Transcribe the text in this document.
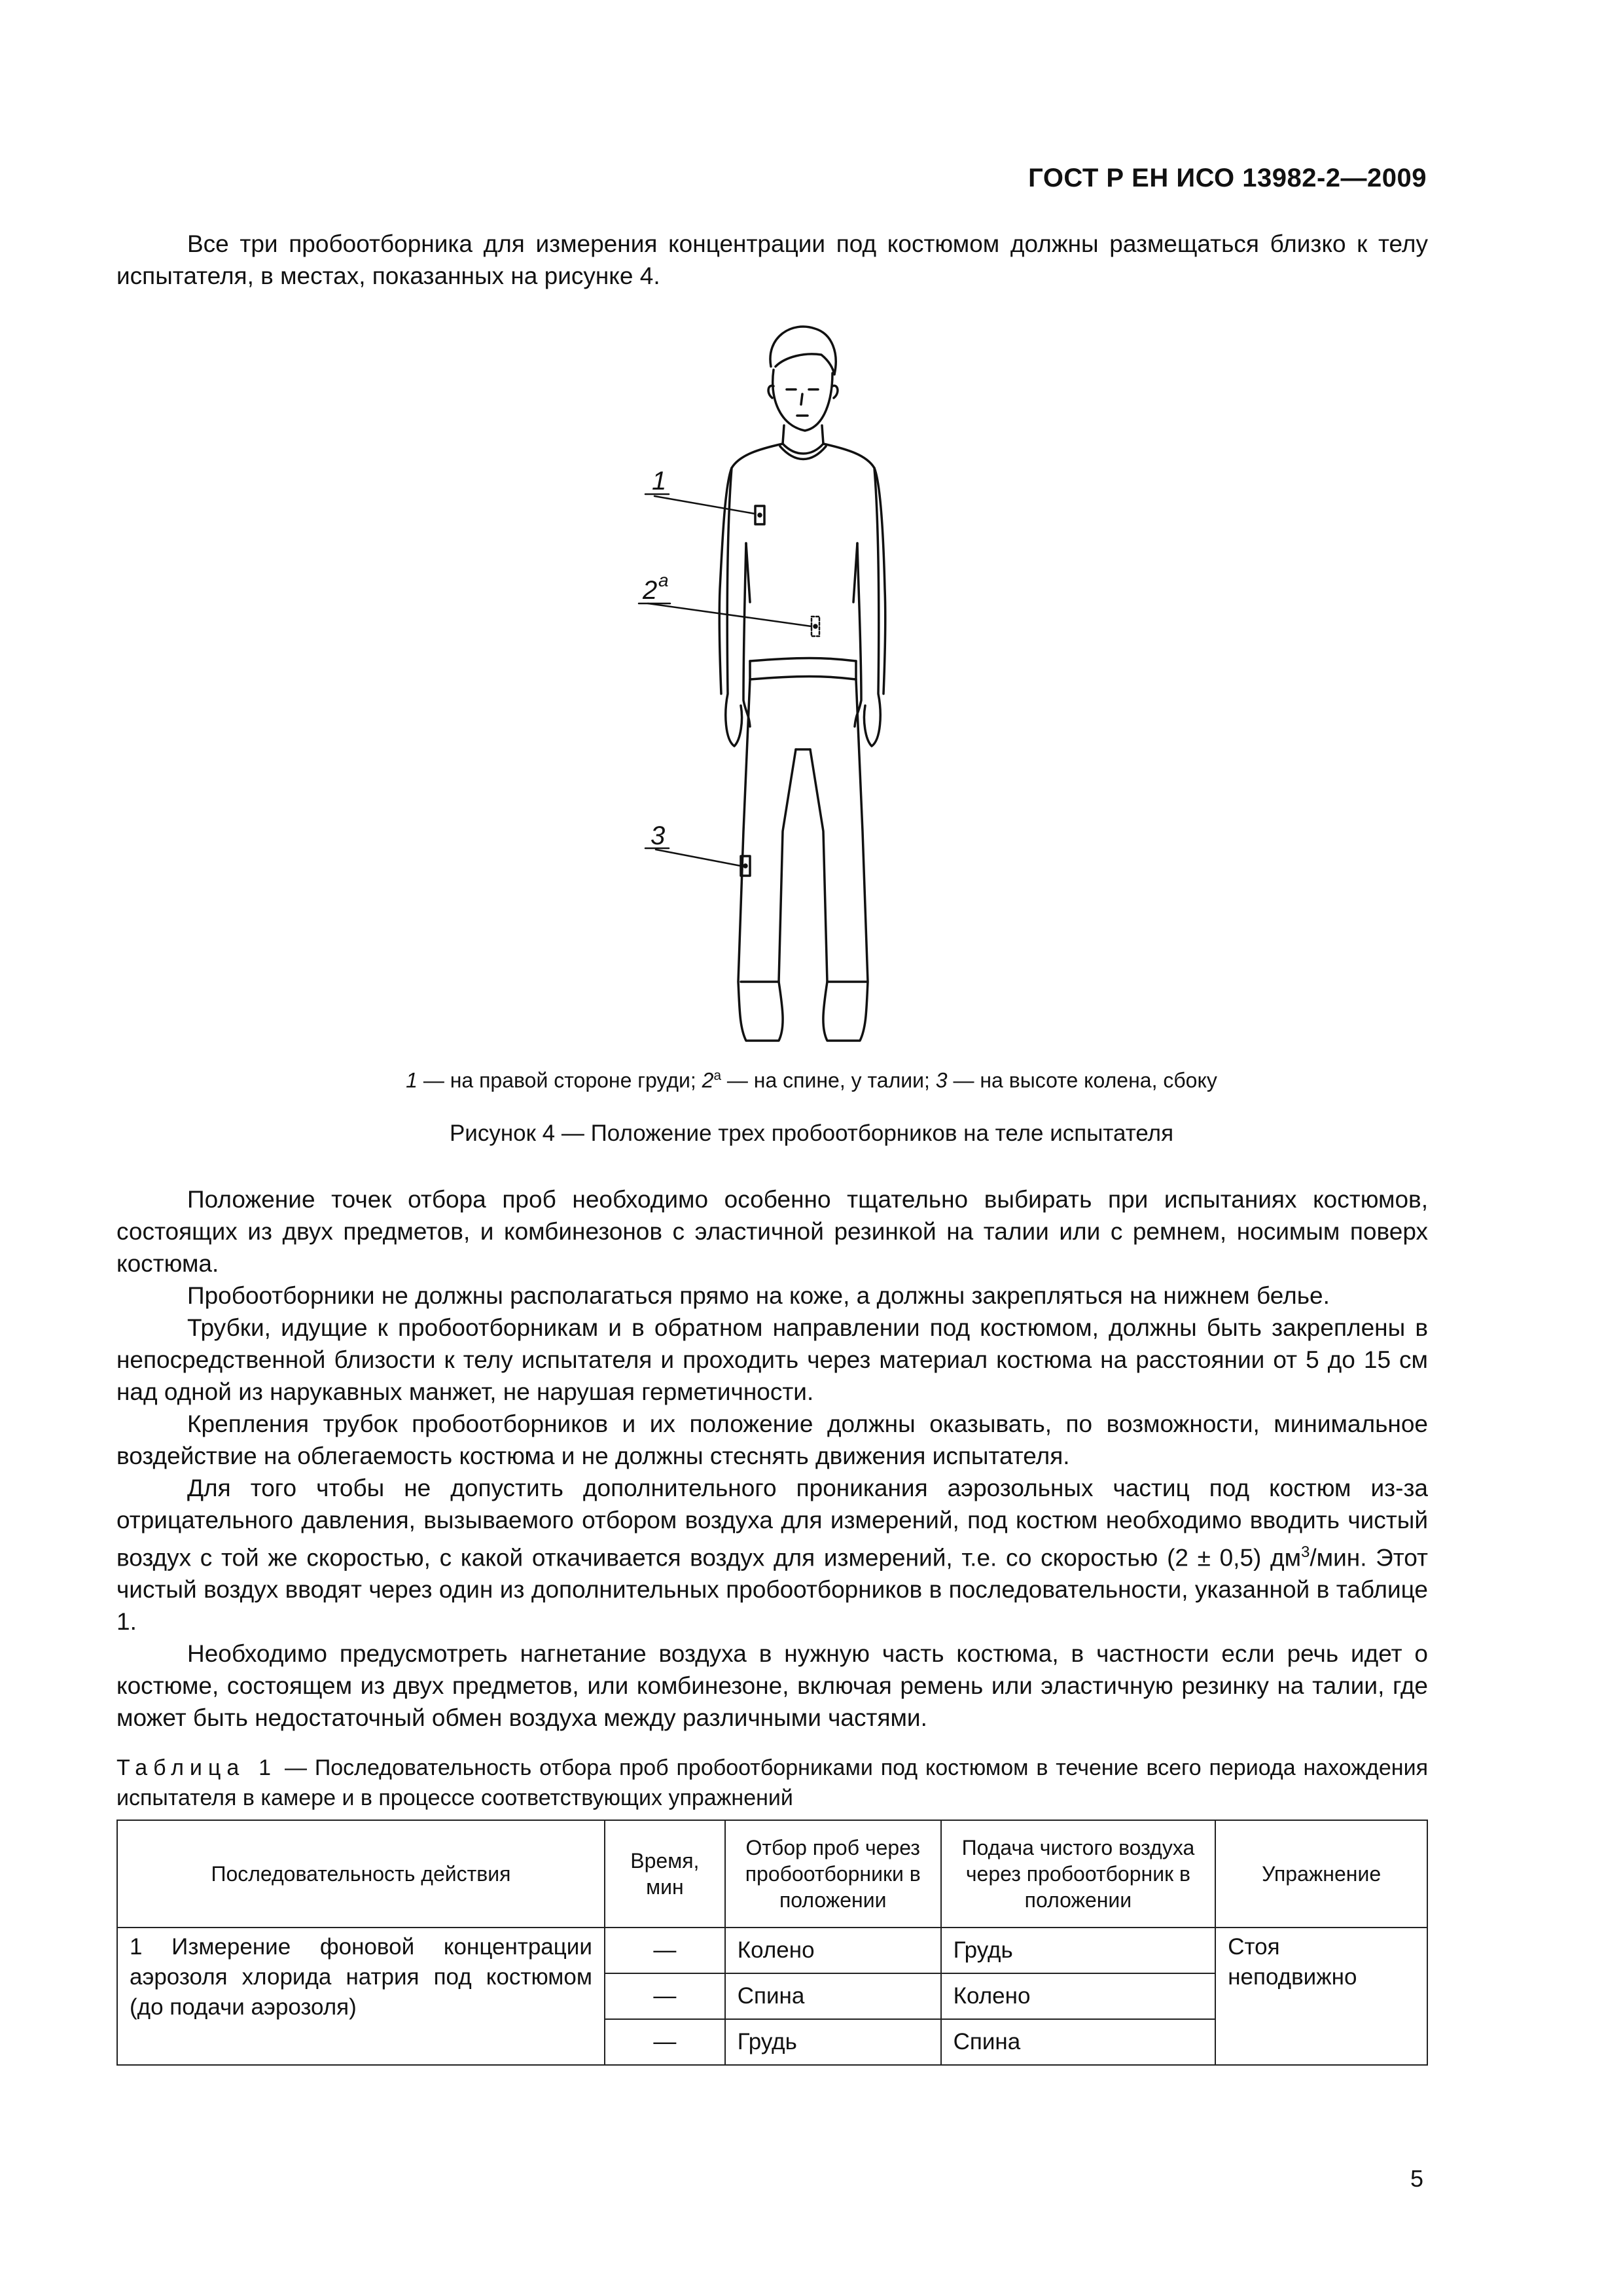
ГОСТ Р ЕН ИСО 13982-2—2009

Все три пробоотборника для измерения концентрации под костюмом должны размещаться близко к телу испытателя, в местах, показанных на рисунке 4.

1
2 a
3
1 — на правой стороне груди; 2$^a$ — на спине, у талии; 3 — на высоте колена, сбоку
Рисунок 4 — Положение трех пробоотборников на теле испытателя

Положение точек отбора проб необходимо особенно тщательно выбирать при испытаниях костюмов, состоящих из двух предметов, и комбинезонов с эластичной резинкой на талии или с ремнем, носимым поверх костюма.

Пробоотборники не должны располагаться прямо на коже, а должны закрепляться на нижнем белье.

Трубки, идущие к пробоотборникам и в обратном направлении под костюмом, должны быть закреплены в непосредственной близости к телу испытателя и проходить через материал костюма на расстоянии от 5 до 15 см над одной из нарукавных манжет, не нарушая герметичности.

Крепления трубок пробоотборников и их положение должны оказывать, по возможности, минимальное воздействие на облегаемость костюма и не должны стеснять движения испытателя.

Для того чтобы не допустить дополнительного проникания аэрозольных частиц под костюм из-за отрицательного давления, вызываемого отбором воздуха для измерений, под костюм необходимо вводить чистый воздух с той же скоростью, с какой откачивается воздух для измерений, т.е. со скоростью (2 ± 0,5) $дм^3$/мин. Этот чистый воздух вводят через один из дополнительных пробоотборников в последовательности, указанной в таблице 1.

Необходимо предусмотреть нагнетание воздуха в нужную часть костюма, в частности если речь идет о костюме, состоящем из двух предметов, или комбинезоне, включая ремень или эластичную резинку на талии, где может быть недостаточный обмен воздуха между различными частями.

Таблица 1 — Последовательность отбора проб пробоотборниками под костюмом в течение всего периода нахождения испытателя в камере и в процессе соответствующих упражнений
Последовательность действия	Время, мин	Отбор проб через пробоотборники в положении	Подача чистого воздуха через пробоотборник в положении	Упражнение
1 Измерение фоновой концентрации аэрозоля хлорида натрия под костюмом (до подачи аэрозоля)	—	Колено	Грудь	Стоя неподвижно
	—	Спина	Колено	
	—	Грудь	Спина	
5
